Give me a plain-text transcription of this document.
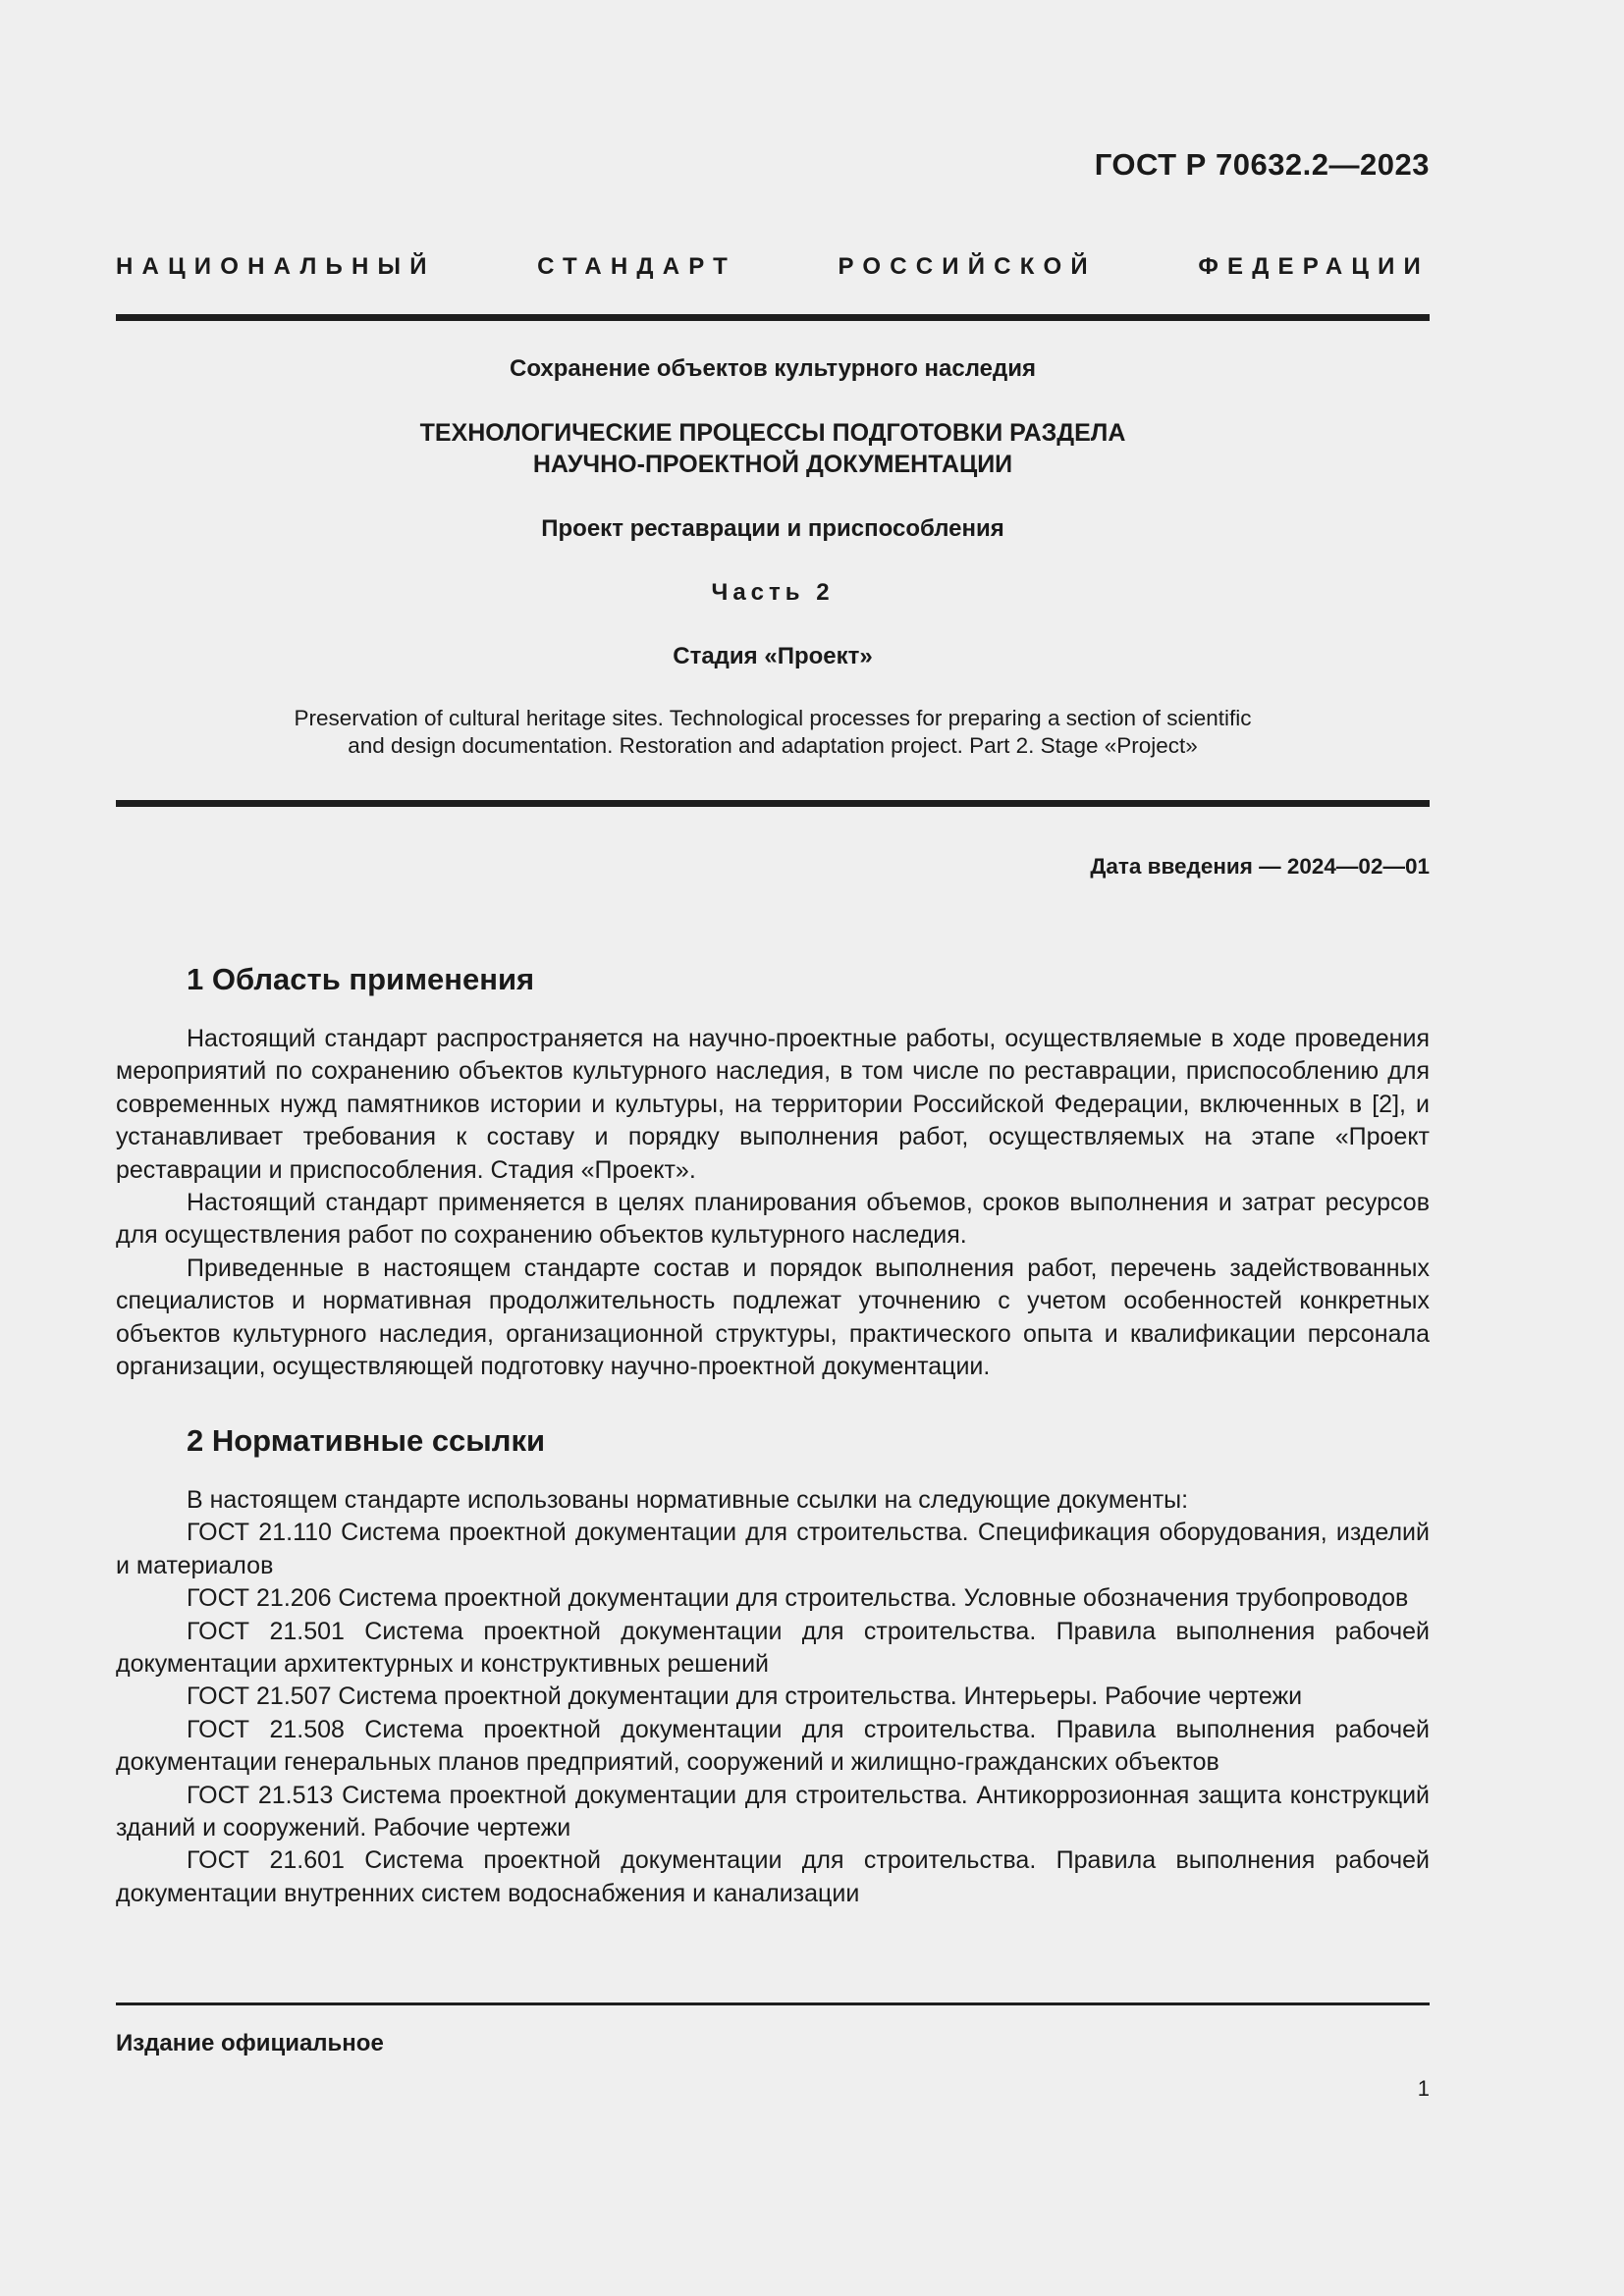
ГОСТ Р 70632.2—2023
НАЦИОНАЛЬНЫЙ СТАНДАРТ РОССИЙСКОЙ ФЕДЕРАЦИИ
Сохранение объектов культурного наследия
ТЕХНОЛОГИЧЕСКИЕ ПРОЦЕССЫ ПОДГОТОВКИ РАЗДЕЛА
НАУЧНО-ПРОЕКТНОЙ ДОКУМЕНТАЦИИ
Проект реставрации и приспособления
Часть 2
Стадия «Проект»
Preservation of cultural heritage sites. Technological processes for preparing a section of scientific
and design documentation. Restoration and adaptation project. Part 2. Stage «Project»
Дата введения — 2024—02—01
1 Область применения

Настоящий стандарт распространяется на научно-проектные работы, осуществляемые в ходе проведения мероприятий по сохранению объектов культурного наследия, в том числе по реставрации, приспособлению для современных нужд памятников истории и культуры, на территории Российской Федерации, включенных в [2], и устанавливает требования к составу и порядку выполнения работ, осуществляемых на этапе «Проект реставрации и приспособления. Стадия «Проект».

Настоящий стандарт применяется в целях планирования объемов, сроков выполнения и затрат ресурсов для осуществления работ по сохранению объектов культурного наследия.

Приведенные в настоящем стандарте состав и порядок выполнения работ, перечень задействованных специалистов и нормативная продолжительность подлежат уточнению с учетом особенностей конкретных объектов культурного наследия, организационной структуры, практического опыта и квалификации персонала организации, осуществляющей подготовку научно-проектной документации.

2 Нормативные ссылки

В настоящем стандарте использованы нормативные ссылки на следующие документы:

ГОСТ 21.110 Система проектной документации для строительства. Спецификация оборудования, изделий и материалов

ГОСТ 21.206 Система проектной документации для строительства. Условные обозначения трубопроводов

ГОСТ 21.501 Система проектной документации для строительства. Правила выполнения рабочей документации архитектурных и конструктивных решений

ГОСТ 21.507 Система проектной документации для строительства. Интерьеры. Рабочие чертежи

ГОСТ 21.508 Система проектной документации для строительства. Правила выполнения рабочей документации генеральных планов предприятий, сооружений и жилищно-гражданских объектов

ГОСТ 21.513 Система проектной документации для строительства. Антикоррозионная защита конструкций зданий и сооружений. Рабочие чертежи

ГОСТ 21.601 Система проектной документации для строительства. Правила выполнения рабочей документации внутренних систем водоснабжения и канализации

Издание официальное
1
